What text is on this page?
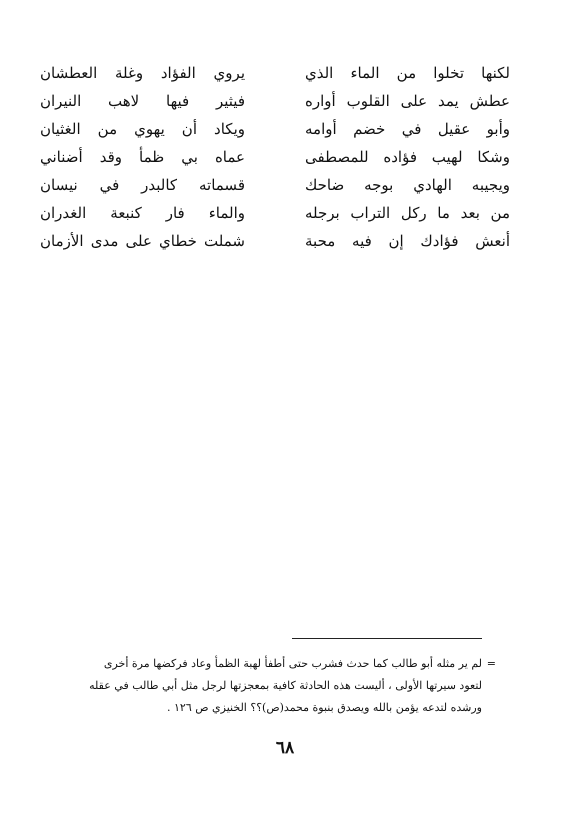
لكنها تخلوا من الماء الذي
يروي الفؤاد وغلة العطشان
عطش يمد على القلوب أواره
فيثير فيها لاهب النيران
وأبو عقيل في خضم أوامه
ويكاد أن يهوي من الغثيان
وشكا لهيب فؤاده للمصطفى
عماه بي ظمأ وقد أضناني
ويجيبه الهادي بوجه ضاحك
قسماته كالبدر في نيسان
من بعد ما ركل التراب برجله
والماء فار كنبعة الغدران
أنعش فؤادك إن فيه محبة
شملت خطاي على مدى الأزمان
=
لم ير مثله أبو طالب كما حدث فشرب حتى أطفأ لهبة الظمأ وعاد فركضها مرة أخرى
لتعود سيرتها الأولى ، أليست هذه الحادثة كافية بمعجزتها لرجل مثل أبي طالب في عقله
ورشده لتدعه يؤمن بالله ويصدق بنبوة محمد(ص)؟؟ الخنيزي ص ١٢٦ .
٦٨
